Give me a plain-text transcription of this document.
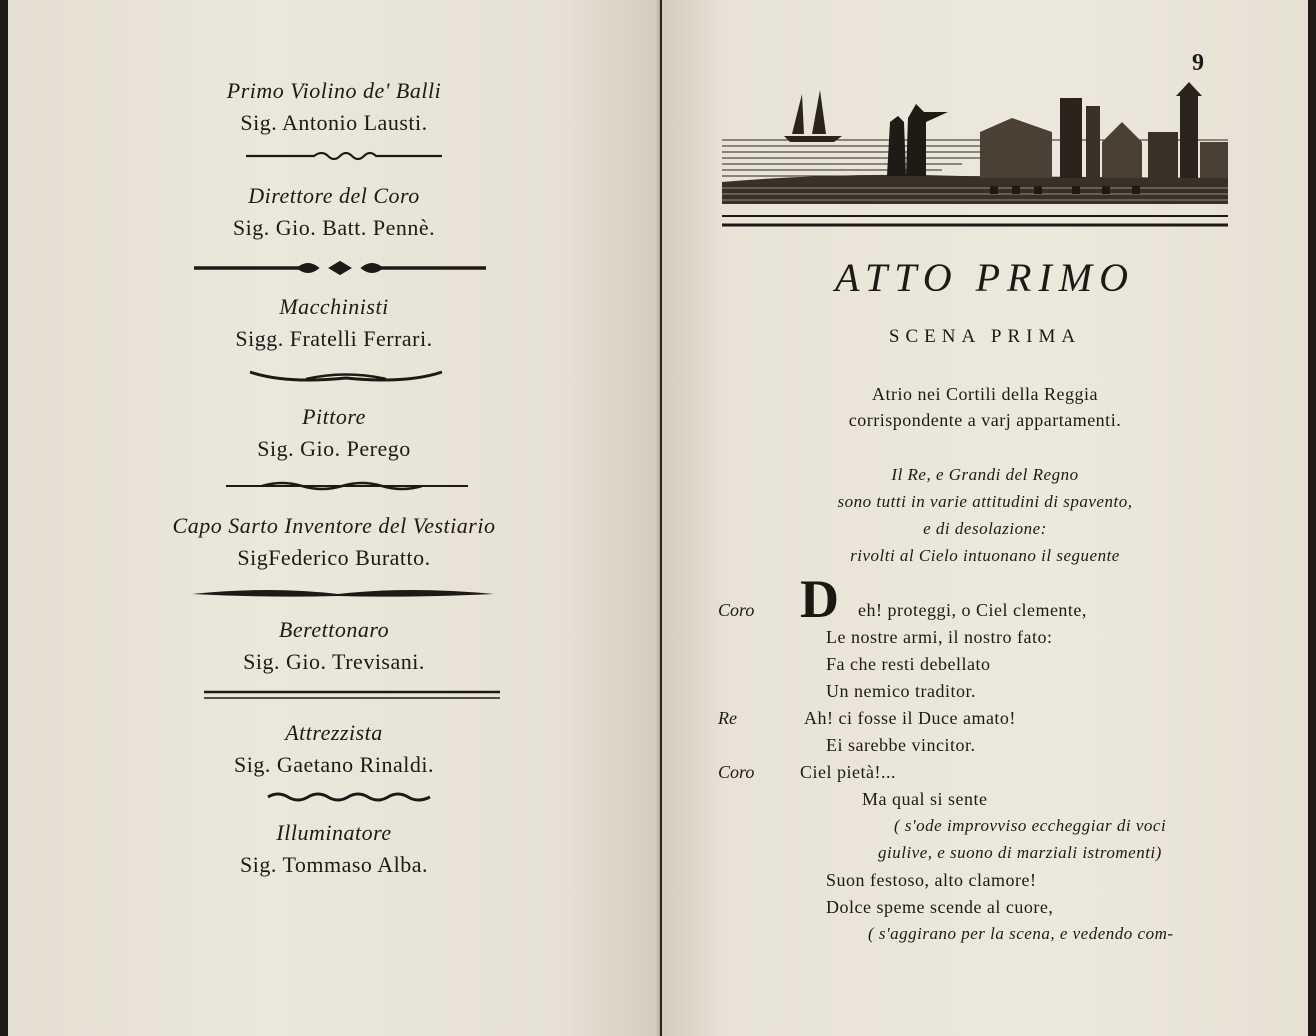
Primo Violino de' Balli
Sig. Antonio Lausti.
Direttore del Coro
Sig. Gio. Batt. Pennè.
Macchinisti
Sigg. Fratelli Ferrari.
Pittore
Sig. Gio. Perego
Capo Sarto Inventore del Vestiario
SigFederico Buratto.
Berettonaro
Sig. Gio. Trevisani.
Attrezzista
Sig. Gaetano Rinaldi.
Illuminatore
Sig. Tommaso Alba.
9
ATTO PRIMO
SCENA PRIMA
Atrio nei Cortili della Reggia
corrispondente a varj appartamenti.
Il Re, e Grandi del Regno
sono tutti in varie attitudini di spavento,
e di desolazione:
rivolti al Cielo intuonano il seguente
Coro D	eh! proteggi, o Ciel clemente,
Le nostre armi, il nostro fato:
Fa che resti debellato
Un nemico traditor.
Re	Ah! ci fosse il Duce amato!
Ei sarebbe vincitor.
Coro	Ciel pietà!...
Ma qual si sente
( s'ode improvviso eccheggiar di voci
giulive, e suono di marziali istromenti)
Suon festoso, alto clamore!
Dolce speme scende al cuore,
( s'aggirano per la scena, e vedendo com-
